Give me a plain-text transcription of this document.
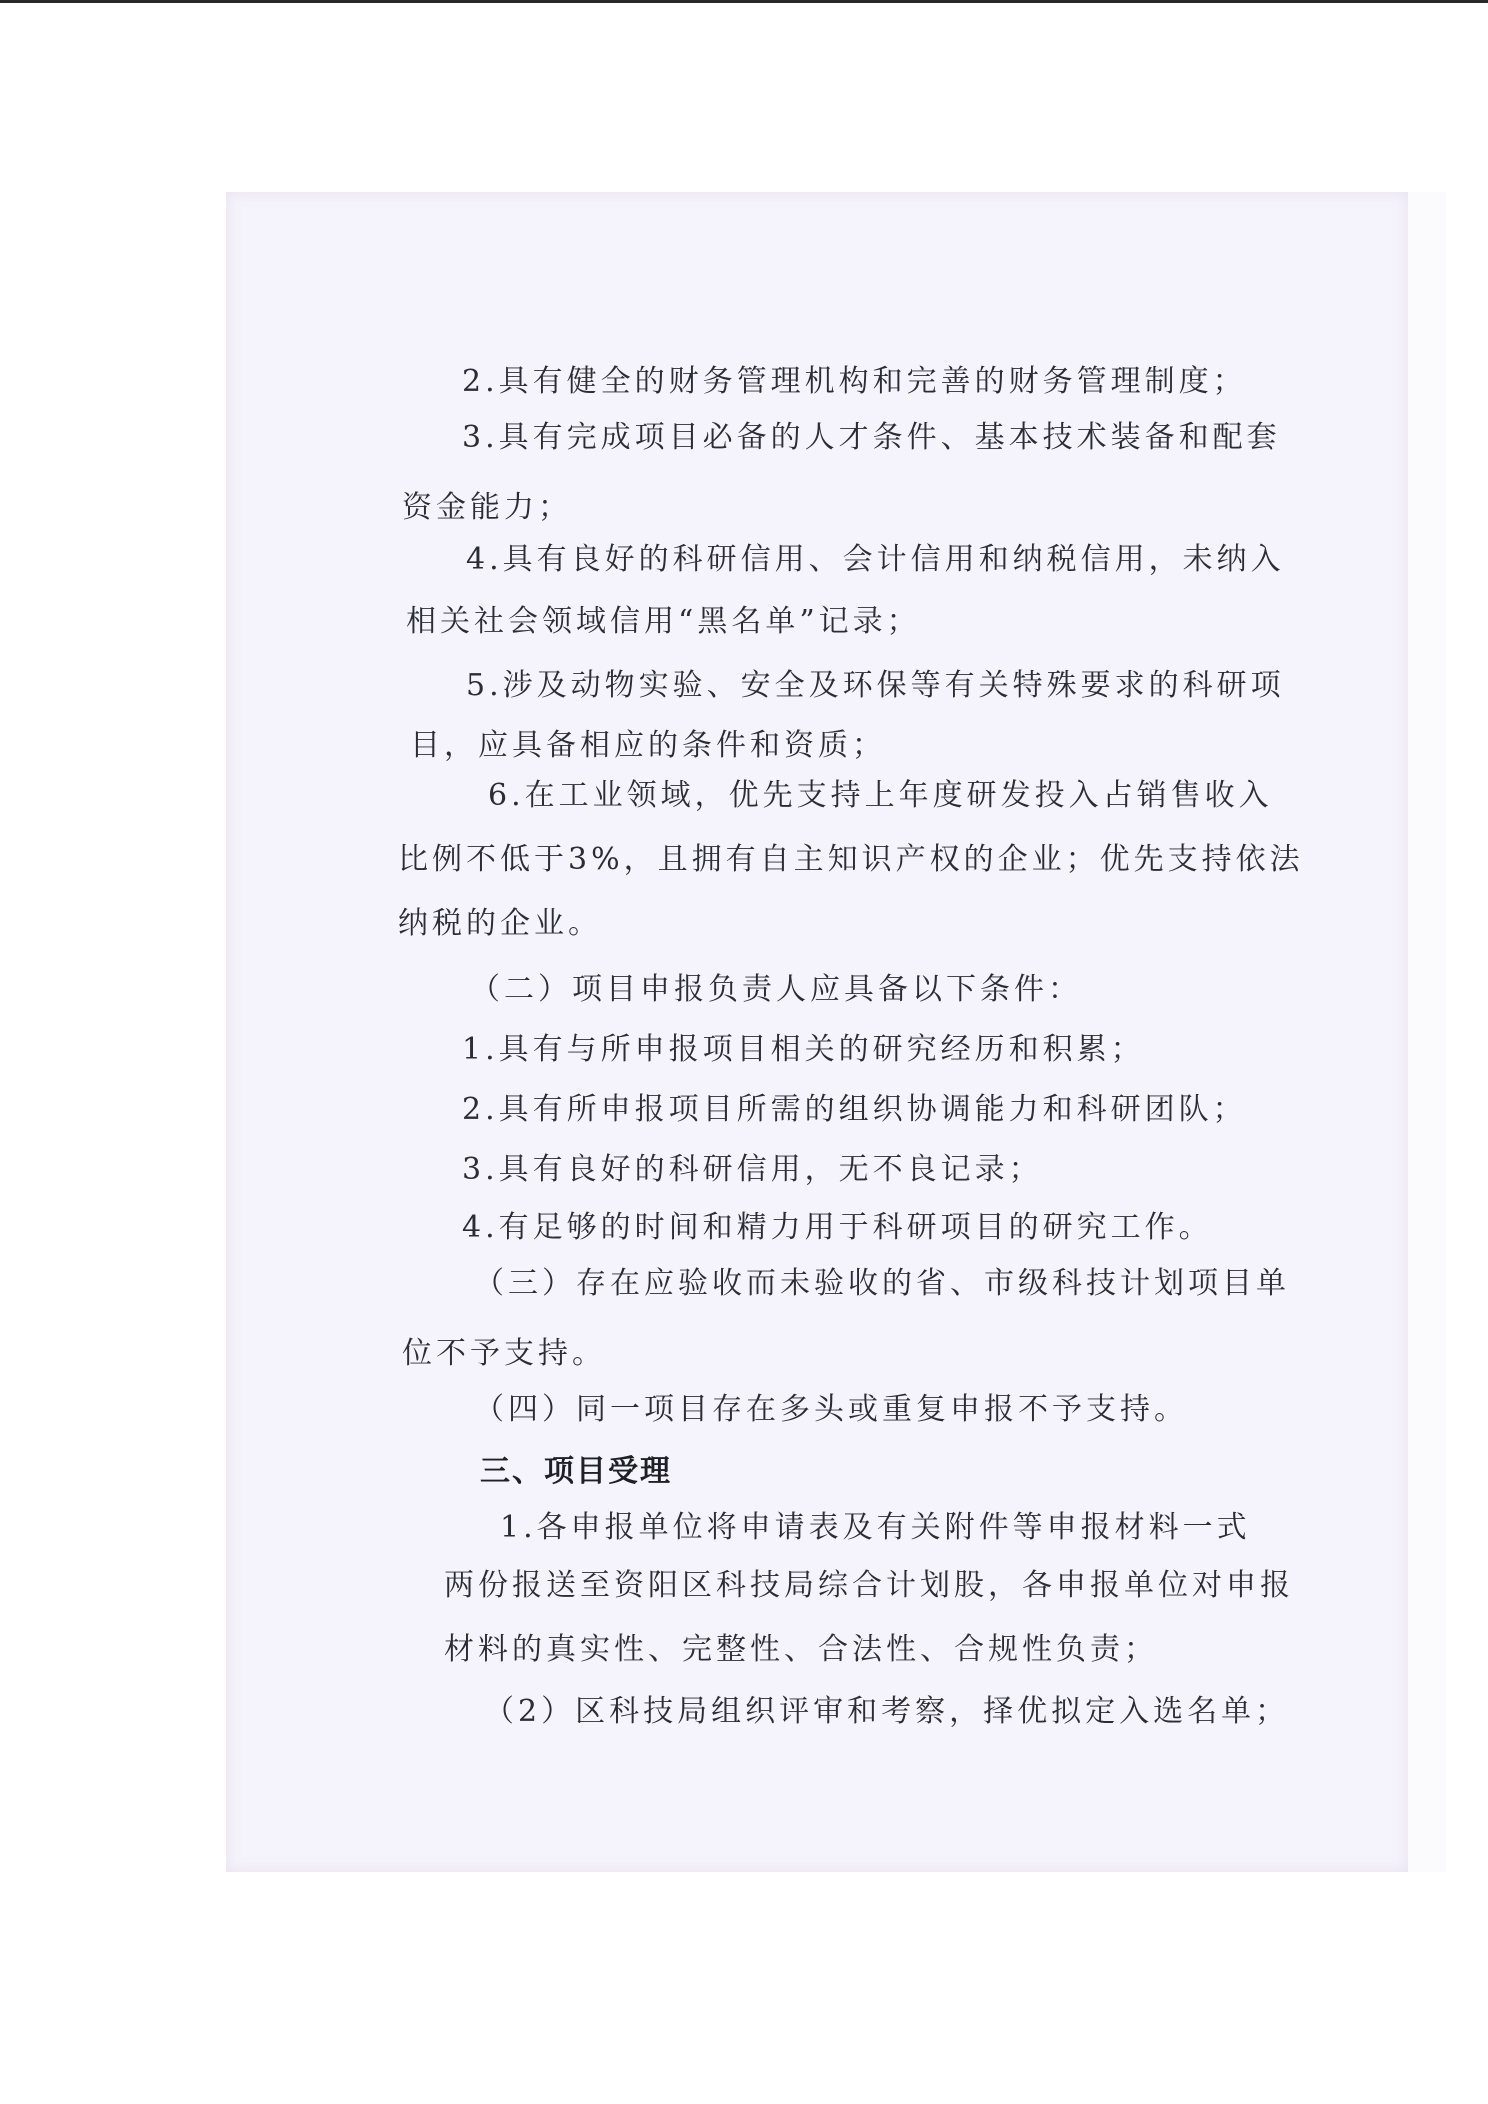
2.具有健全的财务管理机构和完善的财务管理制度；
3.具有完成项目必备的人才条件、基本技术装备和配套
资金能力；
4.具有良好的科研信用、会计信用和纳税信用，未纳入
相关社会领域信用“黑名单”记录；
5.涉及动物实验、安全及环保等有关特殊要求的科研项
目，应具备相应的条件和资质；
6.在工业领域，优先支持上年度研发投入占销售收入
比例不低于3%，且拥有自主知识产权的企业；优先支持依法
纳税的企业。
（二）项目申报负责人应具备以下条件：
1.具有与所申报项目相关的研究经历和积累；
2.具有所申报项目所需的组织协调能力和科研团队；
3.具有良好的科研信用，无不良记录；
4.有足够的时间和精力用于科研项目的研究工作。
（三）存在应验收而未验收的省、市级科技计划项目单
位不予支持。
（四）同一项目存在多头或重复申报不予支持。
三、项目受理
1.各申报单位将申请表及有关附件等申报材料一式
两份报送至资阳区科技局综合计划股，各申报单位对申报
材料的真实性、完整性、合法性、合规性负责；
（2）区科技局组织评审和考察，择优拟定入选名单；
